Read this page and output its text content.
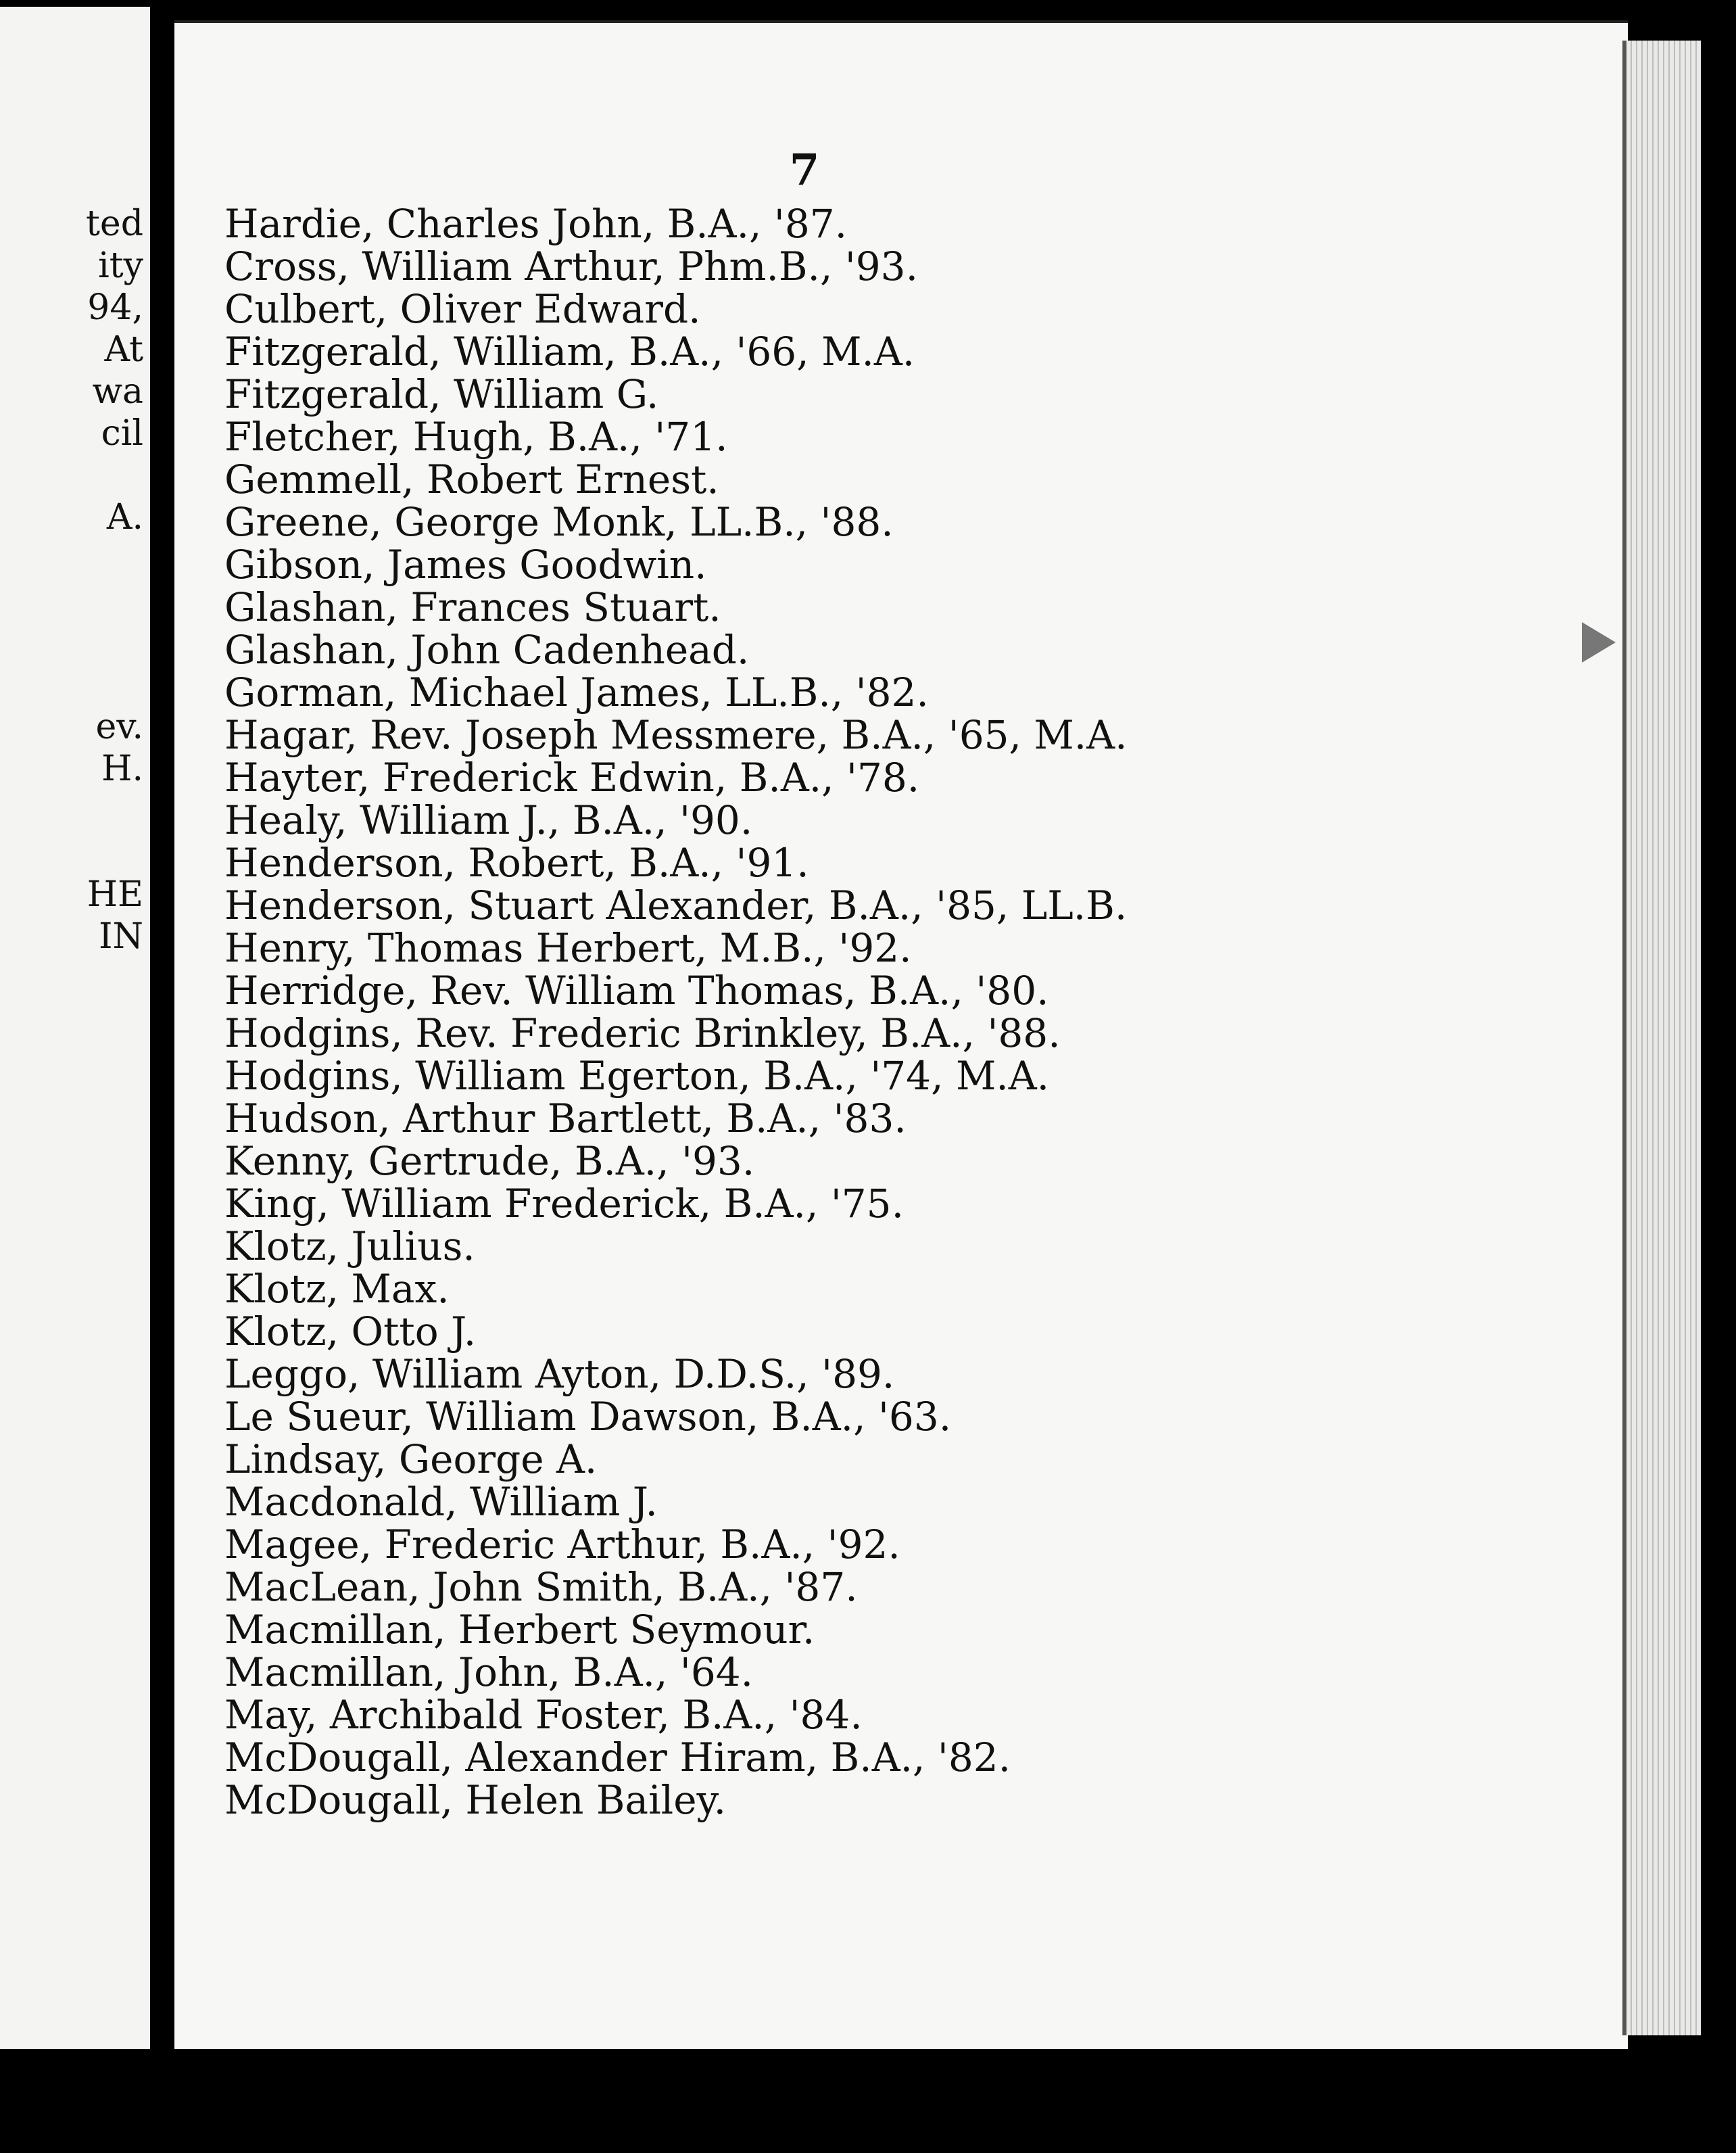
ted
ity
94,
At
wa
cil
A.
ev.
H.
HE
IN
7
Hardie, Charles John, B.A., '87.
Cross, William Arthur, Phm.B., '93.
Culbert, Oliver Edward.
Fitzgerald, William, B.A., '66, M.A.
Fitzgerald, William G.
Fletcher, Hugh, B.A., '71.
Gemmell, Robert Ernest.
Greene, George Monk, LL.B., '88.
Gibson, James Goodwin.
Glashan, Frances Stuart.
Glashan, John Cadenhead.
Gorman, Michael James, LL.B., '82.
Hagar, Rev. Joseph Messmere, B.A., '65, M.A.
Hayter, Frederick Edwin, B.A., '78.
Healy, William J., B.A., '90.
Henderson, Robert, B.A., '91.
Henderson, Stuart Alexander, B.A., '85, LL.B.
Henry, Thomas Herbert, M.B., '92.
Herridge, Rev. William Thomas, B.A., '80.
Hodgins, Rev. Frederic Brinkley, B.A., '88.
Hodgins, William Egerton, B.A., '74, M.A.
Hudson, Arthur Bartlett, B.A., '83.
Kenny, Gertrude, B.A., '93.
King, William Frederick, B.A., '75.
Klotz, Julius.
Klotz, Max.
Klotz, Otto J.
Leggo, William Ayton, D.D.S., '89.
Le Sueur, William Dawson, B.A., '63.
Lindsay, George A.
Macdonald, William J.
Magee, Frederic Arthur, B.A., '92.
MacLean, John Smith, B.A., '87.
Macmillan, Herbert Seymour.
Macmillan, John, B.A., '64.
May, Archibald Foster, B.A., '84.
McDougall, Alexander Hiram, B.A., '82.
McDougall, Helen Bailey.
